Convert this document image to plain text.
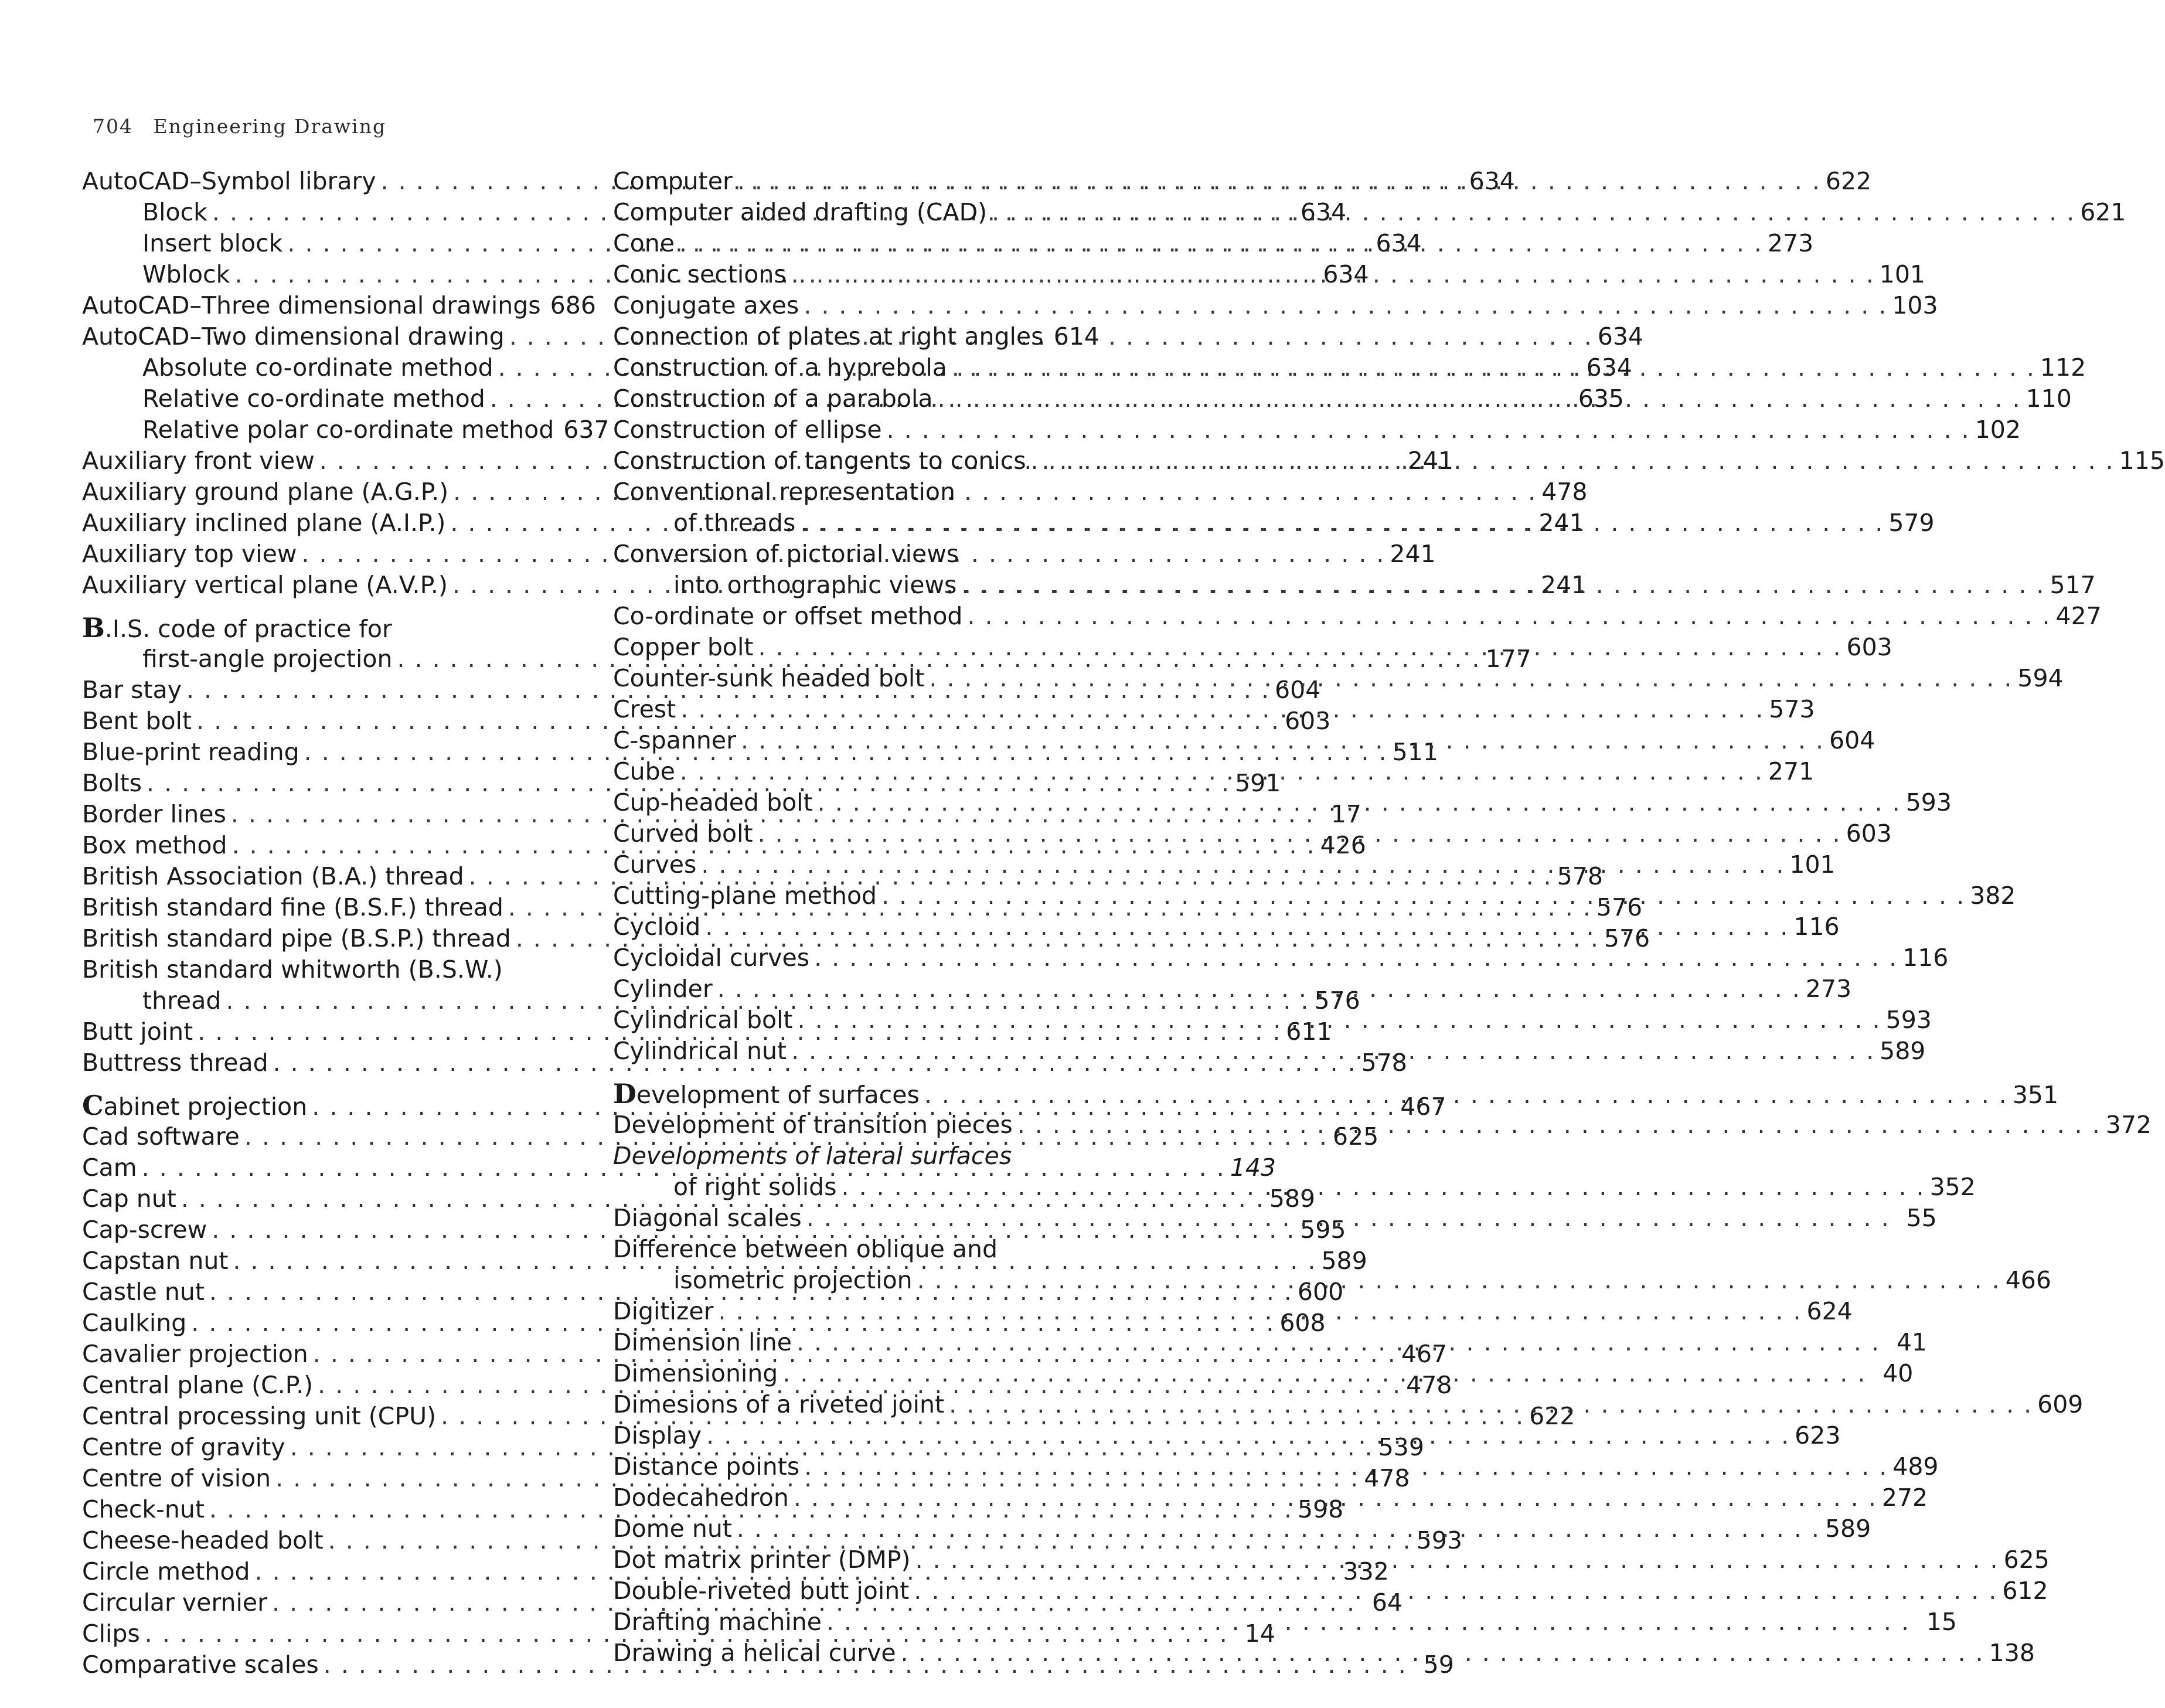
704 Engineering Drawing
AutoCAD–Symbol library . . .	634
Block . . .	634
Insert block . . .	634
Wblock . . .	634
AutoCAD–Three dimensional drawings 686
AutoCAD–Two dimensional drawing . . .	634
Absolute co-ordinate method . . .	634
Relative co-ordinate method . . .	635
Relative polar co-ordinate method 637
Auxiliary front view . . .	241
Auxiliary ground plane (A.G.P.) . . .	478
Auxiliary inclined plane (A.I.P.) . . .	241
Auxiliary top view . . .	241
Auxiliary vertical plane (A.V.P.) . . .	241
B.I.S. code of practice for
first-angle projection . . .	177
Bar stay . . .	604
Bent bolt . . .	603
Blue-print reading . . .	511
Bolts . . .	591
Border lines . . .	17
Box method . . .	426
British Association (B.A.) thread . . .	578
British standard fine (B.S.F.) thread . . .	576
British standard pipe (B.S.P.) thread . . .	576
British standard whitworth (B.S.W.)
thread . . .	576
Butt joint . . .	611
Buttress thread . . .	578
Cabinet projection . . .	467
Cad software . . .	625
Cam . . .	143
Cap nut . . .	589
Cap-screw . . .	595
Capstan nut . . .	589
Castle nut . . .	600
Caulking . . .	608
Cavalier projection . . .	467
Central plane (C.P.) . . .	478
Central processing unit (CPU) . . .	622
Centre of gravity . . .	539
Centre of vision . . .	478
Check-nut . . .	598
Cheese-headed bolt . . .	593
Circle method . . .	332
Circular vernier . . .	64
Clips . . .	14
Comparative scales . . .	59
Computer . . .	622
Computer aided drafting (CAD) . . .	621
Cone . . .	273
Conic sections . . .	101
Conjugate axes . . .	103
Connection of plates at right angles . . . 614
Construction of a hyprebola . . .	112
Construction of a parabola . . .	110
Construction of ellipse . . .	102
Construction of tangents to conics . . .	115
Conventional representation
of threads . . .	579
Conversion of pictorial views
into orthographic views . . .	517
Co-ordinate or offset method . . .	427
Copper bolt . . .	603
Counter-sunk headed bolt . . .	594
Crest . . .	573
C-spanner . . .	604
Cube . . .	271
Cup-headed bolt . . .	593
Curved bolt . . .	603
Curves . . .	101
Cutting-plane method . . .	382
Cycloid . . .	116
Cycloidal curves . . .	116
Cylinder . . .	273
Cylindrical bolt . . .	593
Cylindrical nut . . .	589
Development of surfaces . . .	351
Development of transition pieces . . .	372
Developments of lateral surfaces
of right solids . . .	352
Diagonal scales . . .	55
Difference between oblique and
isometric projection . . .	466
Digitizer . . .	624
Dimension line . . .	41
Dimensioning . . .	40
Dimesions of a riveted joint . . .	609
Display . . .	623
Distance points . . .	489
Dodecahedron . . .	272
Dome nut . . .	589
Dot matrix printer (DMP) . . .	625
Double-riveted butt joint . . .	612
Drafting machine . . .	15
Drawing a helical curve . . .	138
